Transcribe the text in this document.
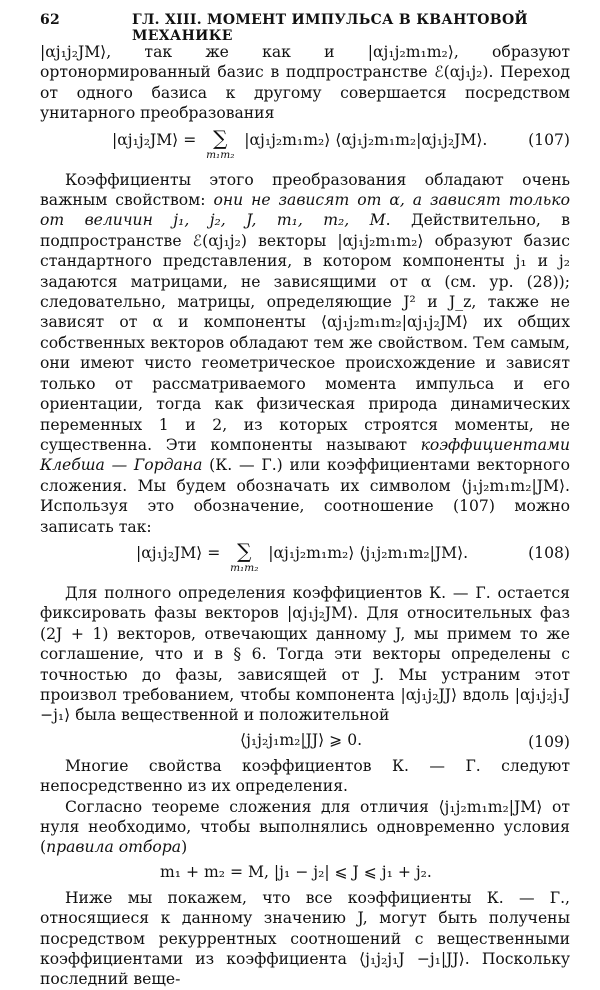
62	ГЛ. XIII. МОМЕНТ ИМПУЛЬСА В КВАНТОВОЙ МЕХАНИКЕ

|αj₁j₂JM⟩, так же как и |αj₁j₂m₁m₂⟩, образуют ортонормированный базис в подпространстве ℰ(αj₁j₂). Переход от одного базиса к другому совершается посредством унитарного преобразования

|αj₁j₂JM⟩ = ∑
m₁m₂
|αj₁j₂m₁m₂⟩ ⟨αj₁j₂m₁m₂|αj₁j₂JM⟩.	(107)

Коэффициенты этого преобразования обладают очень важным свойством: они не зависят от α, а зависят только от величин j₁, j₂, J, m₁, m₂, M. Действительно, в подпространстве ℰ(αj₁j₂) векторы |αj₁j₂m₁m₂⟩ образуют базис стандартного представления, в котором компоненты j₁ и j₂ задаются матрицами, не зависящими от α (см. ур. (28)); следовательно, матрицы, определяющие J² и J_z, также не зависят от α и компоненты ⟨αj₁j₂m₁m₂|αj₁j₂JM⟩ их общих собственных векторов обладают тем же свойством. Тем самым, они имеют чисто геометрическое происхождение и зависят только от рассматриваемого момента импульса и его ориентации, тогда как физическая природа динамических переменных 1 и 2, из которых строятся моменты, не существенна. Эти компоненты называют коэффициентами Клебша — Гордана (К. — Г.) или коэффициентами векторного сложения. Мы будем обозначать их символом ⟨j₁j₂m₁m₂|JM⟩. Используя это обозначение, соотношение (107) можно записать так:

|αj₁j₂JM⟩ = ∑
m₁m₂
|αj₁j₂m₁m₂⟩ ⟨j₁j₂m₁m₂|JM⟩.	(108)

Для полного определения коэффициентов К. — Г. остается фиксировать фазы векторов |αj₁j₂JM⟩. Для относительных фаз (2J + 1) векторов, отвечающих данному J, мы примем то же соглашение, что и в § 6. Тогда эти векторы определены с точностью до фазы, зависящей от J. Мы устраним этот произвол требованием, чтобы компонента |αj₁j₂JJ⟩ вдоль |αj₁j₂j₁J −j₁⟩ была вещественной и положительной

⟨j₁j₂j₁m₂|JJ⟩ ⩾ 0.	(109)

Многие свойства коэффициентов К. — Г. следуют непосредственно из их определения.

Согласно теореме сложения для отличия ⟨j₁j₂m₁m₂|JM⟩ от нуля необходимо, чтобы выполнялись одновременно условия (правила отбора)

m₁ + m₂ = M, |j₁ − j₂| ⩽ J ⩽ j₁ + j₂.

Ниже мы покажем, что все коэффициенты К. — Г., относящиеся к данному значению J, могут быть получены посредством рекуррентных соотношений с вещественными коэффициентами из коэффициента ⟨j₁j₂j₁J −j₁|JJ⟩. Поскольку последний веще-
